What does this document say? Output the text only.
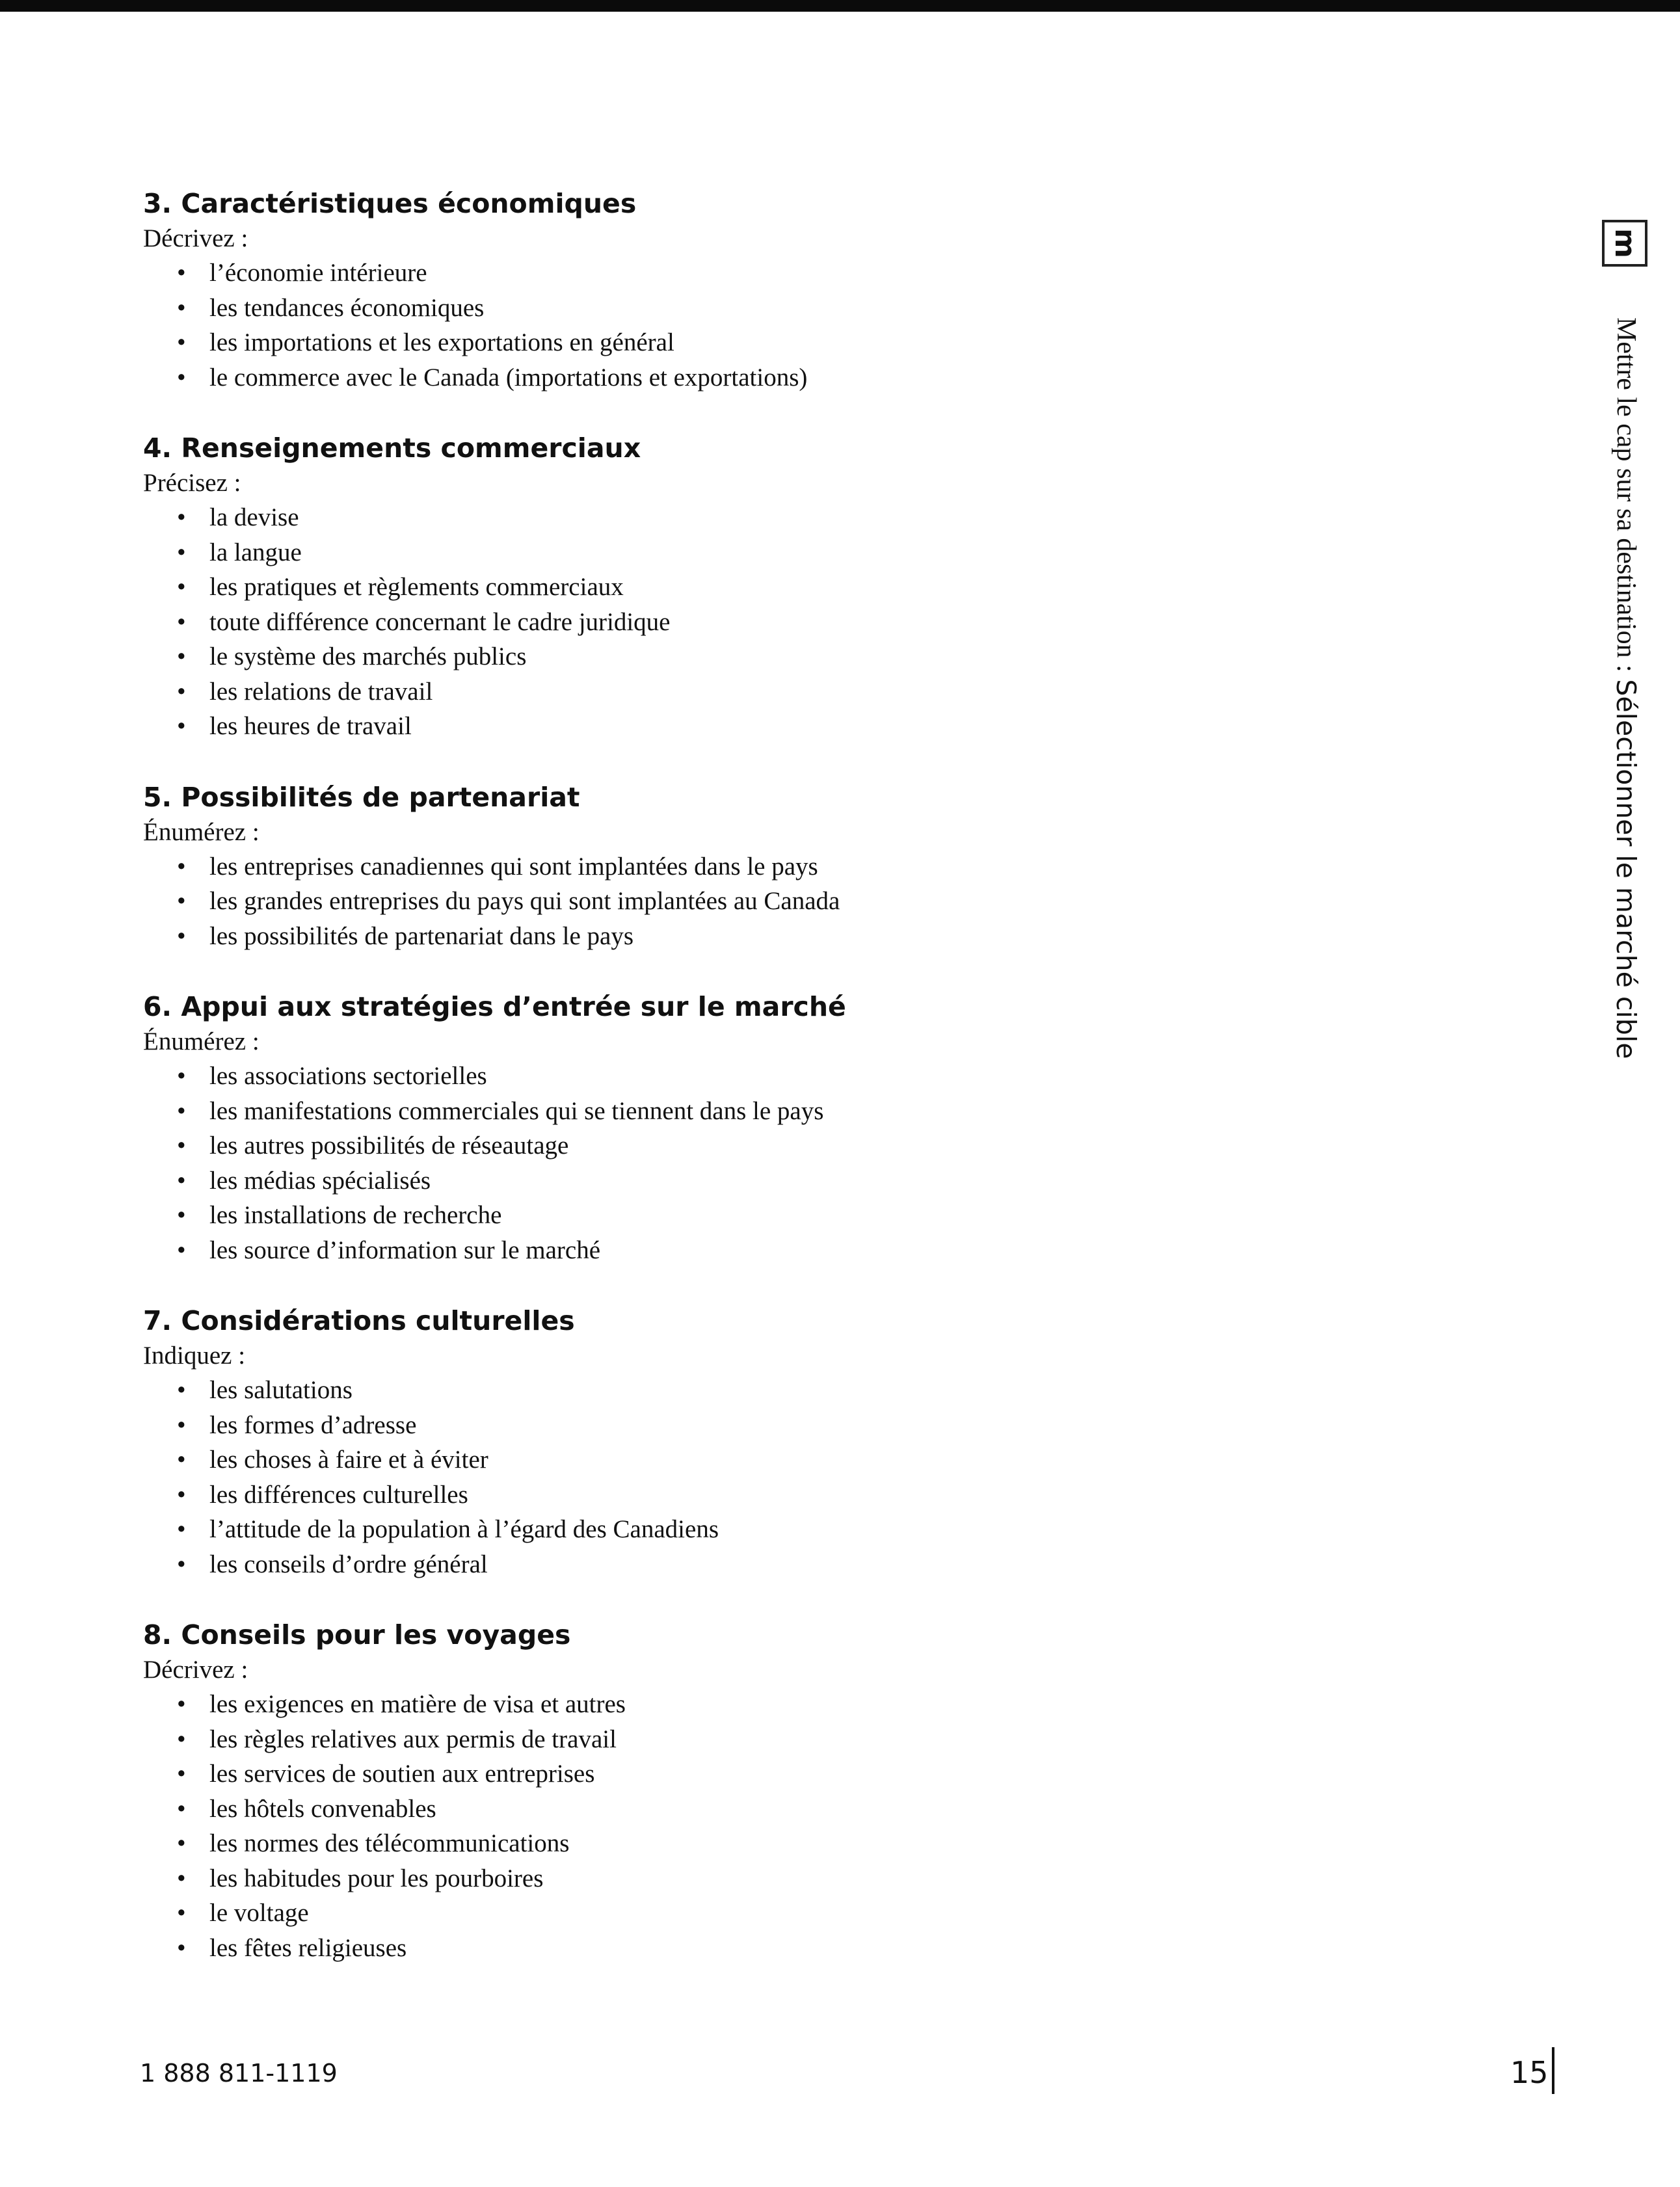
3. Caractéristiques économiques

Décrivez :

• l’économie intérieure
• les tendances économiques
• les importations et les exportations en général
• le commerce avec le Canada (importations et exportations)
4. Renseignements commerciaux

Précisez :

• la devise
• la langue
• les pratiques et règlements commerciaux
• toute différence concernant le cadre juridique
• le système des marchés publics
• les relations de travail
• les heures de travail
5. Possibilités de partenariat

Énumérez :

• les entreprises canadiennes qui sont implantées dans le pays
• les grandes entreprises du pays qui sont implantées au Canada
• les possibilités de partenariat dans le pays
6. Appui aux stratégies d’entrée sur le marché

Énumérez :

• les associations sectorielles
• les manifestations commerciales qui se tiennent dans le pays
• les autres possibilités de réseautage
• les médias spécialisés
• les installations de recherche
• les source d’information sur le marché
7. Considérations culturelles

Indiquez :

• les salutations
• les formes d’adresse
• les choses à faire et à éviter
• les différences culturelles
• l’attitude de la population à l’égard des Canadiens
• les conseils d’ordre général
8. Conseils pour les voyages

Décrivez :

• les exigences en matière de visa et autres
• les règles relatives aux permis de travail
• les services de soutien aux entreprises
• les hôtels convenables
• les normes des télécommunications
• les habitudes pour les pourboires
• le voltage
• les fêtes religieuses
m
Mettre le cap sur sa destination : Sélectionner le marché cible
1 888 811-1119	15
